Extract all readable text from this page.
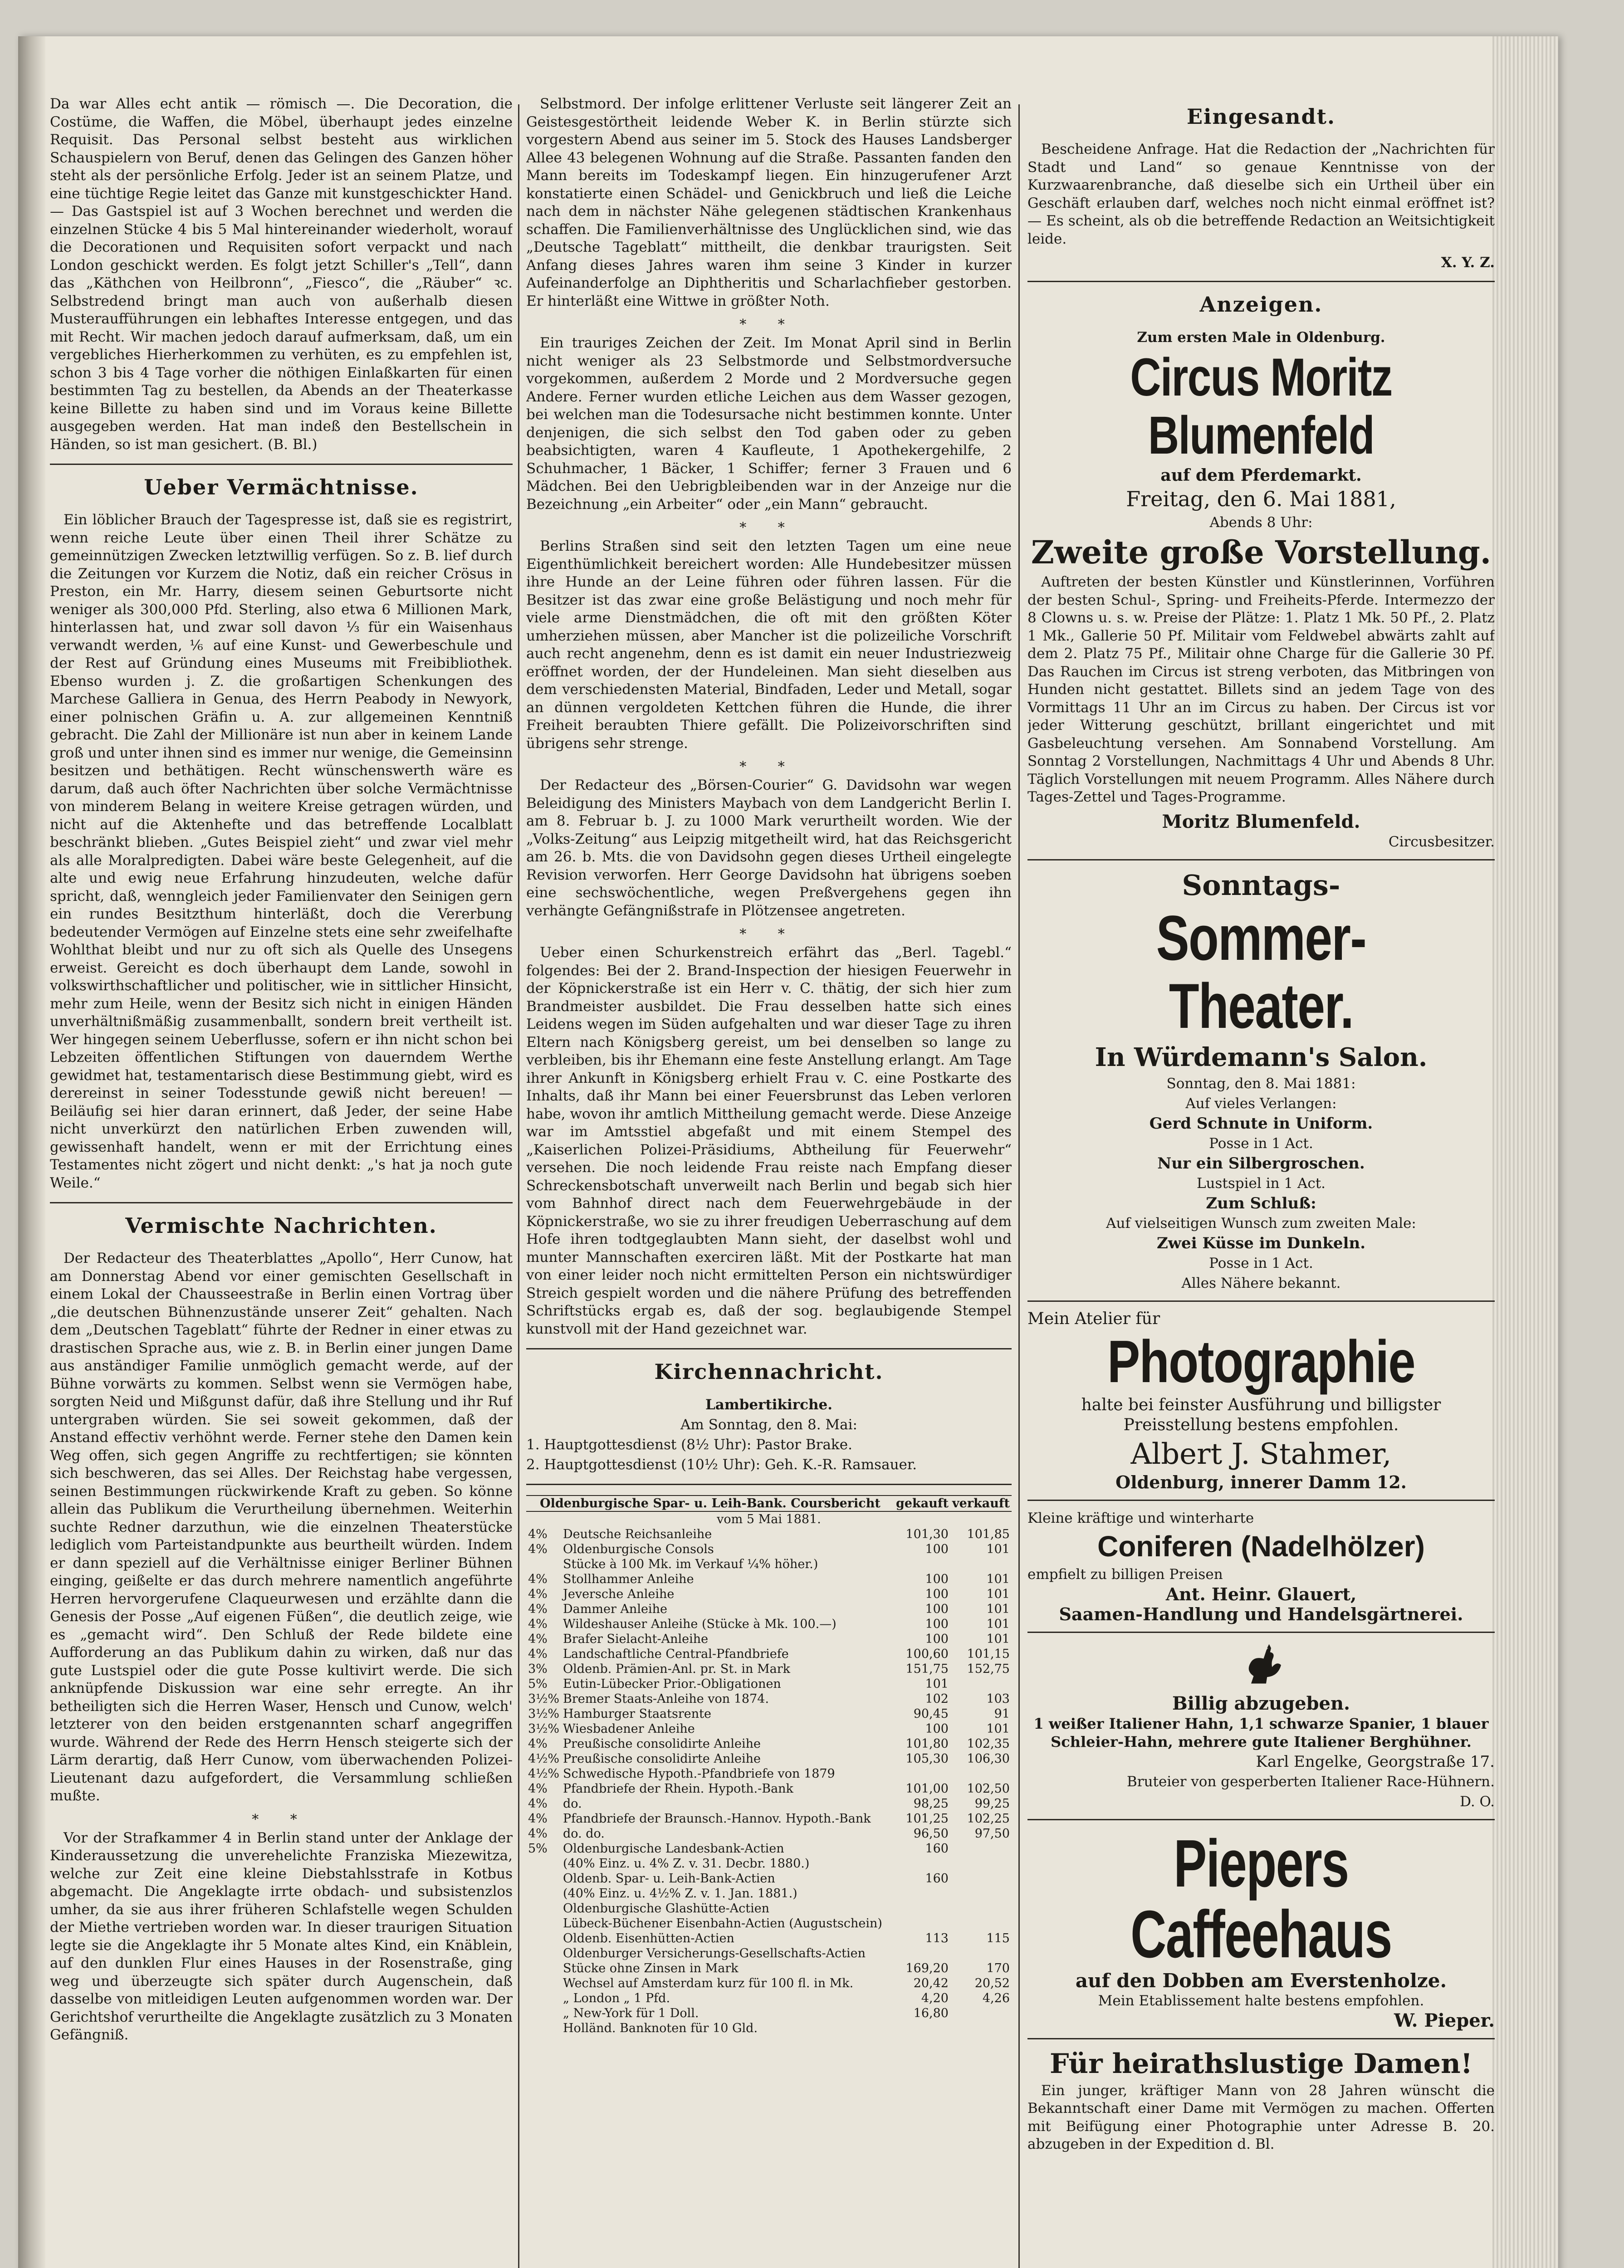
Da war Alles echt antik — römisch —. Die Decoration, die Costüme, die Waffen, die Möbel, überhaupt jedes einzelne Requisit. Das Personal selbst besteht aus wirklichen Schauspielern von Beruf, denen das Gelingen des Ganzen höher steht als der persönliche Erfolg. Jeder ist an seinem Platze, und eine tüchtige Regie leitet das Ganze mit kunstgeschickter Hand. — Das Gastspiel ist auf 3 Wochen berechnet und werden die einzelnen Stücke 4 bis 5 Mal hintereinander wiederholt, worauf die Decorationen und Requisiten sofort verpackt und nach London geschickt werden. Es folgt jetzt Schiller's „Tell“, dann das „Käthchen von Heilbronn“, „Fiesco“, die „Räuber“ ꝛc. Selbstredend bringt man auch von außerhalb diesen Musteraufführungen ein lebhaftes Interesse entgegen, und das mit Recht. Wir machen jedoch darauf aufmerksam, daß, um ein vergebliches Hierherkommen zu verhüten, es zu empfehlen ist, schon 3 bis 4 Tage vorher die nöthigen Einlaßkarten für einen bestimmten Tag zu bestellen, da Abends an der Theaterkasse keine Billette zu haben sind und im Voraus keine Billette ausgegeben werden. Hat man indeß den Bestellschein in Händen, so ist man gesichert. (B. Bl.)

Ueber Vermächtnisse.

Ein löblicher Brauch der Tagespresse ist, daß sie es registrirt, wenn reiche Leute über einen Theil ihrer Schätze zu gemeinnützigen Zwecken letztwillig verfügen. So z. B. lief durch die Zeitungen vor Kurzem die Notiz, daß ein reicher Crösus in Preston, ein Mr. Harry, diesem seinen Geburtsorte nicht weniger als 300,000 Pfd. Sterling, also etwa 6 Millionen Mark, hinterlassen hat, und zwar soll davon ⅓ für ein Waisenhaus verwandt werden, ⅙ auf eine Kunst- und Gewerbeschule und der Rest auf Gründung eines Museums mit Freibibliothek. Ebenso wurden j. Z. die großartigen Schenkungen des Marchese Galliera in Genua, des Herrn Peabody in Newyork, einer polnischen Gräfin u. A. zur allgemeinen Kenntniß gebracht. Die Zahl der Millionäre ist nun aber in keinem Lande groß und unter ihnen sind es immer nur wenige, die Gemeinsinn besitzen und bethätigen. Recht wünschenswerth wäre es darum, daß auch öfter Nachrichten über solche Vermächtnisse von minderem Belang in weitere Kreise getragen würden, und nicht auf die Aktenhefte und das betreffende Localblatt beschränkt blieben. „Gutes Beispiel zieht“ und zwar viel mehr als alle Moralpredigten. Dabei wäre beste Gelegenheit, auf die alte und ewig neue Erfahrung hinzudeuten, welche dafür spricht, daß, wenngleich jeder Familienvater den Seinigen gern ein rundes Besitzthum hinterläßt, doch die Vererbung bedeutender Vermögen auf Einzelne stets eine sehr zweifelhafte Wohlthat bleibt und nur zu oft sich als Quelle des Unsegens erweist. Gereicht es doch überhaupt dem Lande, sowohl in volkswirthschaftlicher und politischer, wie in sittlicher Hinsicht, mehr zum Heile, wenn der Besitz sich nicht in einigen Händen unverhältnißmäßig zusammenballt, sondern breit vertheilt ist. Wer hingegen seinem Ueberflusse, sofern er ihn nicht schon bei Lebzeiten öffentlichen Stiftungen von dauerndem Werthe gewidmet hat, testamentarisch diese Bestimmung giebt, wird es derereinst in seiner Todesstunde gewiß nicht bereuen! — Beiläufig sei hier daran erinnert, daß Jeder, der seine Habe nicht unverkürzt den natürlichen Erben zuwenden will, gewissenhaft handelt, wenn er mit der Errichtung eines Testamentes nicht zögert und nicht denkt: „'s hat ja noch gute Weile.“

Vermischte Nachrichten.

Der Redacteur des Theaterblattes „Apollo“, Herr Cunow, hat am Donnerstag Abend vor einer gemischten Gesellschaft in einem Lokal der Chausseestraße in Berlin einen Vortrag über „die deutschen Bühnenzustände unserer Zeit“ gehalten. Nach dem „Deutschen Tageblatt“ führte der Redner in einer etwas zu drastischen Sprache aus, wie z. B. in Berlin einer jungen Dame aus anständiger Familie unmöglich gemacht werde, auf der Bühne vorwärts zu kommen. Selbst wenn sie Vermögen habe, sorgten Neid und Mißgunst dafür, daß ihre Stellung und ihr Ruf untergraben würden. Sie sei soweit gekommen, daß der Anstand effectiv verhöhnt werde. Ferner stehe den Damen kein Weg offen, sich gegen Angriffe zu rechtfertigen; sie könnten sich beschweren, das sei Alles. Der Reichstag habe vergessen, seinen Bestimmungen rückwirkende Kraft zu geben. So könne allein das Publikum die Verurtheilung übernehmen. Weiterhin suchte Redner darzuthun, wie die einzelnen Theaterstücke lediglich vom Parteistandpunkte aus beurtheilt würden. Indem er dann speziell auf die Verhältnisse einiger Berliner Bühnen einging, geißelte er das durch mehrere namentlich angeführte Herren hervorgerufene Claqueurwesen und erzählte dann die Genesis der Posse „Auf eigenen Füßen“, die deutlich zeige, wie es „gemacht wird“. Den Schluß der Rede bildete eine Aufforderung an das Publikum dahin zu wirken, daß nur das gute Lustspiel oder die gute Posse kultivirt werde. Die sich anknüpfende Diskussion war eine sehr erregte. An ihr betheiligten sich die Herren Waser, Hensch und Cunow, welch' letzterer von den beiden erstgenannten scharf angegriffen wurde. Während der Rede des Herrn Hensch steigerte sich der Lärm derartig, daß Herr Cunow, vom überwachenden Polizei-Lieutenant dazu aufgefordert, die Versammlung schließen mußte.

* *

Vor der Strafkammer 4 in Berlin stand unter der Anklage der Kinderaussetzung die unverehelichte Franziska Miezewitza, welche zur Zeit eine kleine Diebstahlsstrafe in Kotbus abgemacht. Die Angeklagte irrte obdach- und subsistenzlos umher, da sie aus ihrer früheren Schlafstelle wegen Schulden der Miethe vertrieben worden war. In dieser traurigen Situation legte sie die Angeklagte ihr 5 Monate altes Kind, ein Knäblein, auf den dunklen Flur eines Hauses in der Rosenstraße, ging weg und überzeugte sich später durch Augenschein, daß dasselbe von mitleidigen Leuten aufgenommen worden war. Der Gerichtshof verurtheilte die Angeklagte zusätzlich zu 3 Monaten Gefängniß.

Selbstmord. Der infolge erlittener Verluste seit längerer Zeit an Geistesgestörtheit leidende Weber K. in Berlin stürzte sich vorgestern Abend aus seiner im 5. Stock des Hauses Landsberger Allee 43 belegenen Wohnung auf die Straße. Passanten fanden den Mann bereits im Todeskampf liegen. Ein hinzugerufener Arzt konstatierte einen Schädel- und Genickbruch und ließ die Leiche nach dem in nächster Nähe gelegenen städtischen Krankenhaus schaffen. Die Familienverhältnisse des Unglücklichen sind, wie das „Deutsche Tageblatt“ mittheilt, die denkbar traurigsten. Seit Anfang dieses Jahres waren ihm seine 3 Kinder in kurzer Aufeinanderfolge an Diphtheritis und Scharlachfieber gestorben. Er hinterläßt eine Wittwe in größter Noth.

* *

Ein trauriges Zeichen der Zeit. Im Monat April sind in Berlin nicht weniger als 23 Selbstmorde und Selbstmordversuche vorgekommen, außerdem 2 Morde und 2 Mordversuche gegen Andere. Ferner wurden etliche Leichen aus dem Wasser gezogen, bei welchen man die Todesursache nicht bestimmen konnte. Unter denjenigen, die sich selbst den Tod gaben oder zu geben beabsichtigten, waren 4 Kaufleute, 1 Apothekergehilfe, 2 Schuhmacher, 1 Bäcker, 1 Schiffer; ferner 3 Frauen und 6 Mädchen. Bei den Uebrigbleibenden war in der Anzeige nur die Bezeichnung „ein Arbeiter“ oder „ein Mann“ gebraucht.

* *

Berlins Straßen sind seit den letzten Tagen um eine neue Eigenthümlichkeit bereichert worden: Alle Hundebesitzer müssen ihre Hunde an der Leine führen oder führen lassen. Für die Besitzer ist das zwar eine große Belästigung und noch mehr für viele arme Dienstmädchen, die oft mit den größten Köter umherziehen müssen, aber Mancher ist die polizeiliche Vorschrift auch recht angenehm, denn es ist damit ein neuer Industriezweig eröffnet worden, der der Hundeleinen. Man sieht dieselben aus dem verschiedensten Material, Bindfaden, Leder und Metall, sogar an dünnen vergoldeten Kettchen führen die Hunde, die ihrer Freiheit beraubten Thiere gefällt. Die Polizeivorschriften sind übrigens sehr strenge.

* *

Der Redacteur des „Börsen-Courier“ G. Davidsohn war wegen Beleidigung des Ministers Maybach von dem Landgericht Berlin I. am 8. Februar b. J. zu 1000 Mark verurtheilt worden. Wie der „Volks-Zeitung“ aus Leipzig mitgetheilt wird, hat das Reichsgericht am 26. b. Mts. die von Davidsohn gegen dieses Urtheil eingelegte Revision verworfen. Herr George Davidsohn hat übrigens soeben eine sechswöchentliche, wegen Preßvergehens gegen ihn verhängte Gefängnißstrafe in Plötzensee angetreten.

* *

Ueber einen Schurkenstreich erfährt das „Berl. Tagebl.“ folgendes: Bei der 2. Brand-Inspection der hiesigen Feuerwehr in der Köpnickerstraße ist ein Herr v. C. thätig, der sich hier zum Brandmeister ausbildet. Die Frau desselben hatte sich eines Leidens wegen im Süden aufgehalten und war dieser Tage zu ihren Eltern nach Königsberg gereist, um bei denselben so lange zu verbleiben, bis ihr Ehemann eine feste Anstellung erlangt. Am Tage ihrer Ankunft in Königsberg erhielt Frau v. C. eine Postkarte des Inhalts, daß ihr Mann bei einer Feuersbrunst das Leben verloren habe, wovon ihr amtlich Mittheilung gemacht werde. Diese Anzeige war im Amtsstiel abgefaßt und mit einem Stempel des „Kaiserlichen Polizei-Präsidiums, Abtheilung für Feuerwehr“ versehen. Die noch leidende Frau reiste nach Empfang dieser Schreckensbotschaft unverweilt nach Berlin und begab sich hier vom Bahnhof direct nach dem Feuerwehrgebäude in der Köpnickerstraße, wo sie zu ihrer freudigen Ueberraschung auf dem Hofe ihren todtgeglaubten Mann sieht, der daselbst wohl und munter Mannschaften exerciren läßt. Mit der Postkarte hat man von einer leider noch nicht ermittelten Person ein nichtswürdiger Streich gespielt worden und die nähere Prüfung des betreffenden Schriftstücks ergab es, daß der sog. beglaubigende Stempel kunstvoll mit der Hand gezeichnet war.

Kirchennachricht.
Lambertikirche.
Am Sonntag, den 8. Mai:
1. Hauptgottesdienst (8½ Uhr): Pastor Brake.
2. Hauptgottesdienst (10½ Uhr): Geh. K.-R. Ramsauer.
Oldenburgische Spar- u. Leih-Bank. Coursbericht		gekauft	verkauft
vom 5 Mai 1881.			
4%	Deutsche Reichsanleihe	101,30	101,85
4%	Oldenburgische Consols	100	101
	Stücke à 100 Mk. im Verkauf ¼% höher.)		
4%	Stollhammer Anleihe	100	101
4%	Jeversche Anleihe	100	101
4%	Dammer Anleihe	100	101
4%	Wildeshauser Anleihe (Stücke à Mk. 100.—)	100	101
4%	Brafer Sielacht-Anleihe	100	101
4%	Landschaftliche Central-Pfandbriefe	100,60	101,15
3%	Oldenb. Prämien-Anl. pr. St. in Mark	151,75	152,75
5%	Eutin-Lübecker Prior.-Obligationen	101	
3½%	Bremer Staats-Anleihe von 1874.	102	103
3½%	Hamburger Staatsrente	90,45	91
3½%	Wiesbadener Anleihe	100	101
4%	Preußische consolidirte Anleihe	101,80	102,35
4½%	Preußische consolidirte Anleihe	105,30	106,30
4½%	Schwedische Hypoth.-Pfandbriefe von 1879		
4%	Pfandbriefe der Rhein. Hypoth.-Bank	101,00	102,50
4%	do.	98,25	99,25
4%	Pfandbriefe der Braunsch.-Hannov. Hypoth.-Bank	101,25	102,25
4%	do. do.	96,50	97,50
5%	Oldenburgische Landesbank-Actien	160	
	(40% Einz. u. 4% Z. v. 31. Decbr. 1880.)		
	Oldenb. Spar- u. Leih-Bank-Actien	160	
	(40% Einz. u. 4½% Z. v. 1. Jan. 1881.)		
	Oldenburgische Glashütte-Actien		
	Lübeck-Büchener Eisenbahn-Actien (Augustschein)		
	Oldenb. Eisenhütten-Actien	113	115
	Oldenburger Versicherungs-Gesellschafts-Actien		
	Stücke ohne Zinsen in Mark	169,20	170
	Wechsel auf Amsterdam kurz für 100 fl. in Mk.	20,42	20,52
	„ London „ 1 Pfd.	4,20	4,26
	„ New-York für 1 Doll.	16,80	
	Holländ. Banknoten für 10 Gld.		
Eingesandt.

Bescheidene Anfrage. Hat die Redaction der „Nachrichten für Stadt und Land“ so genaue Kenntnisse von der Kurzwaarenbranche, daß dieselbe sich ein Urtheil über ein Geschäft erlauben darf, welches noch nicht einmal eröffnet ist? — Es scheint, als ob die betreffende Redaction an Weitsichtigkeit leide.

X. Y. Z.
Anzeigen.
Zum ersten Male in Oldenburg.
Circus Moritz Blumenfeld
auf dem Pferdemarkt.
Freitag, den 6. Mai 1881,
Abends 8 Uhr:
Zweite große Vorstellung.

Auftreten der besten Künstler und Künstlerinnen, Vorführen der besten Schul-, Spring- und Freiheits-Pferde. Intermezzo der 8 Clowns u. s. w. Preise der Plätze: 1. Platz 1 Mk. 50 Pf., 2. Platz 1 Mk., Gallerie 50 Pf. Militair vom Feldwebel abwärts zahlt auf dem 2. Platz 75 Pf., Militair ohne Charge für die Gallerie 30 Pf. Das Rauchen im Circus ist streng verboten, das Mitbringen von Hunden nicht gestattet. Billets sind an jedem Tage von des Vormittags 11 Uhr an im Circus zu haben. Der Circus ist vor jeder Witterung geschützt, brillant eingerichtet und mit Gasbeleuchtung versehen. Am Sonnabend Vorstellung. Am Sonntag 2 Vorstellungen, Nachmittags 4 Uhr und Abends 8 Uhr. Täglich Vorstellungen mit neuem Programm. Alles Nähere durch Tages-Zettel und Tages-Programme.

Moritz Blumenfeld.
Circusbesitzer.
Sonntags-
Sommer-Theater.
In Würdemann's Salon.
Sonntag, den 8. Mai 1881:
Auf vieles Verlangen:
Gerd Schnute in Uniform.
Posse in 1 Act.
Nur ein Silbergroschen.
Lustspiel in 1 Act.
Zum Schluß:
Auf vielseitigen Wunsch zum zweiten Male:
Zwei Küsse im Dunkeln.
Posse in 1 Act.
Alles Nähere bekannt.
Mein Atelier für
Photographie
halte bei feinster Ausführung und billigster Preisstellung bestens empfohlen.
Albert J. Stahmer,
Oldenburg, innerer Damm 12.
Kleine kräftige und winterharte
Coniferen (Nadelhölzer)
empfielt zu billigen Preisen
Ant. Heinr. Glauert,
Saamen-Handlung und Handelsgärtnerei.
Billig abzugeben.
1 weißer Italiener Hahn, 1,1 schwarze Spanier, 1 blauer Schleier-Hahn, mehrere gute Italiener Berghühner.
Karl Engelke, Georgstraße 17.
Bruteier von gesperberten Italiener Race-Hühnern.
D. O.
Piepers Caffeehaus
auf den Dobben am Everstenholze.
Mein Etablissement halte bestens empfohlen.
W. Pieper.
Für heirathslustige Damen!

Ein junger, kräftiger Mann von 28 Jahren wünscht die Bekanntschaft einer Dame mit Vermögen zu machen. Offerten mit Beifügung einer Photographie unter Adresse B. 20. abzugeben in der Expedition d. Bl.
